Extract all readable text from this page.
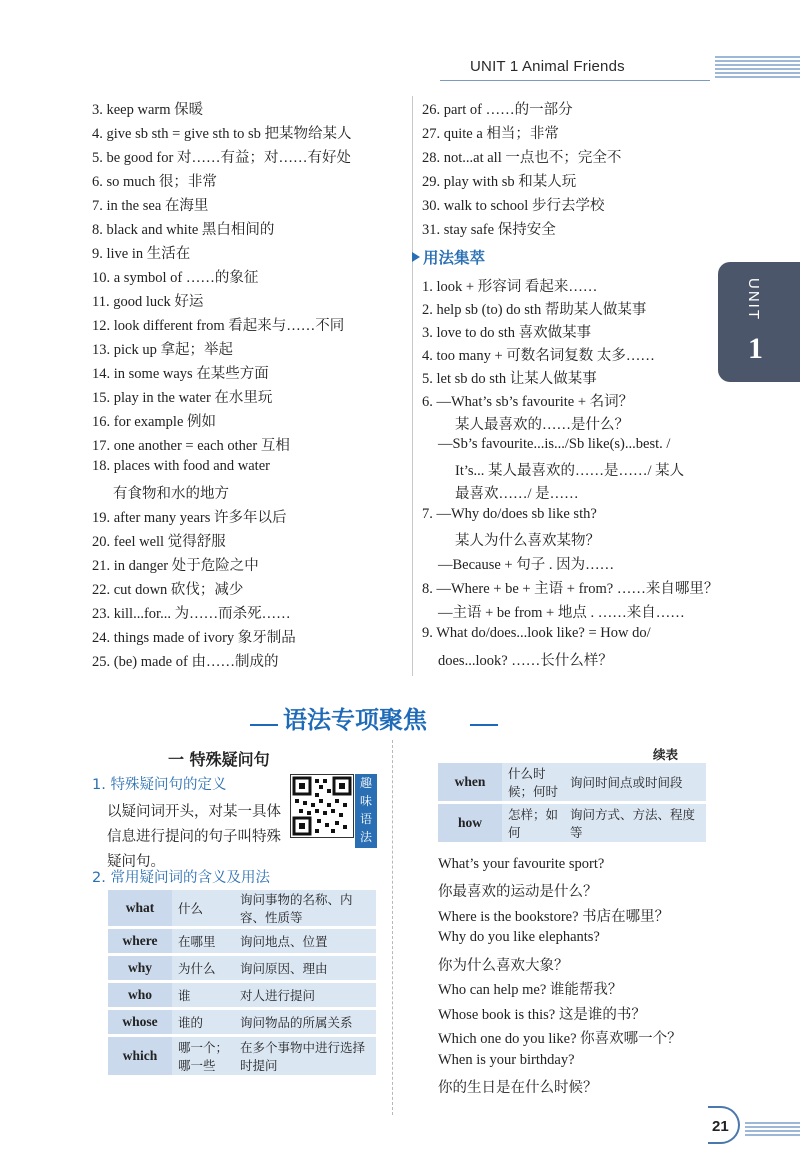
UNIT 1 Animal Friends
UNIT
1
3. keep warm 保暖
4. give sb sth = give sth to sb 把某物给某人
5. be good for 对……有益；对……有好处
6. so much 很；非常
7. in the sea 在海里
8. black and white 黑白相间的
9. live in 生活在
10. a symbol of ……的象征
11. good luck 好运
12. look different from 看起来与……不同
13. pick up 拿起；举起
14. in some ways 在某些方面
15. play in the water 在水里玩
16. for example 例如
17. one another = each other 互相
18. places with food and water
有食物和水的地方
19. after many years 许多年以后
20. feel well 觉得舒服
21. in danger 处于危险之中
22. cut down 砍伐；减少
23. kill...for... 为……而杀死……
24. things made of ivory 象牙制品
25. (be) made of 由……制成的
26. part of ……的一部分
27. quite a 相当；非常
28. not...at all 一点也不；完全不
29. play with sb 和某人玩
30. walk to school 步行去学校
31. stay safe 保持安全
用法集萃
1. look + 形容词 看起来……
2. help sb (to) do sth 帮助某人做某事
3. love to do sth 喜欢做某事
4. too many + 可数名词复数 太多……
5. let sb do sth 让某人做某事
6. —What’s sb’s favourite + 名词？
某人最喜欢的……是什么？
—Sb’s favourite...is.../Sb like(s)...best. /
It’s... 某人最喜欢的……是……/ 某人
最喜欢……/ 是……
7. —Why do/does sb like sth?
某人为什么喜欢某物？
—Because + 句子 . 因为……
8. —Where + be + 主语 + from? ……来自哪里？
—主语 + be from + 地点 . ……来自……
9. What do/does...look like? = How do/
does...look? ……长什么样？
语法专项聚焦
一 特殊疑问句
1. 特殊疑问句的定义
以疑问词开头，对某一具体信息进行提问的句子叫特殊疑问句。
趣味语法
2. 常用疑问词的含义及用法
what	什么	询问事物的名称、内容、性质等
where	在哪里	询问地点、位置
why	为什么	询问原因、理由
who	谁	对人进行提问
whose	谁的	询问物品的所属关系
which	哪一个；哪一些	在多个事物中进行选择时提问
续表
when	什么时候；何时	询问时间点或时间段
how	怎样；如何	询问方式、方法、程度等
What’s your favourite sport?
你最喜欢的运动是什么？
Where is the bookstore? 书店在哪里？
Why do you like elephants?
你为什么喜欢大象？
Who can help me? 谁能帮我？
Whose book is this? 这是谁的书？
Which one do you like? 你喜欢哪一个？
When is your birthday?
你的生日是在什么时候？
21
